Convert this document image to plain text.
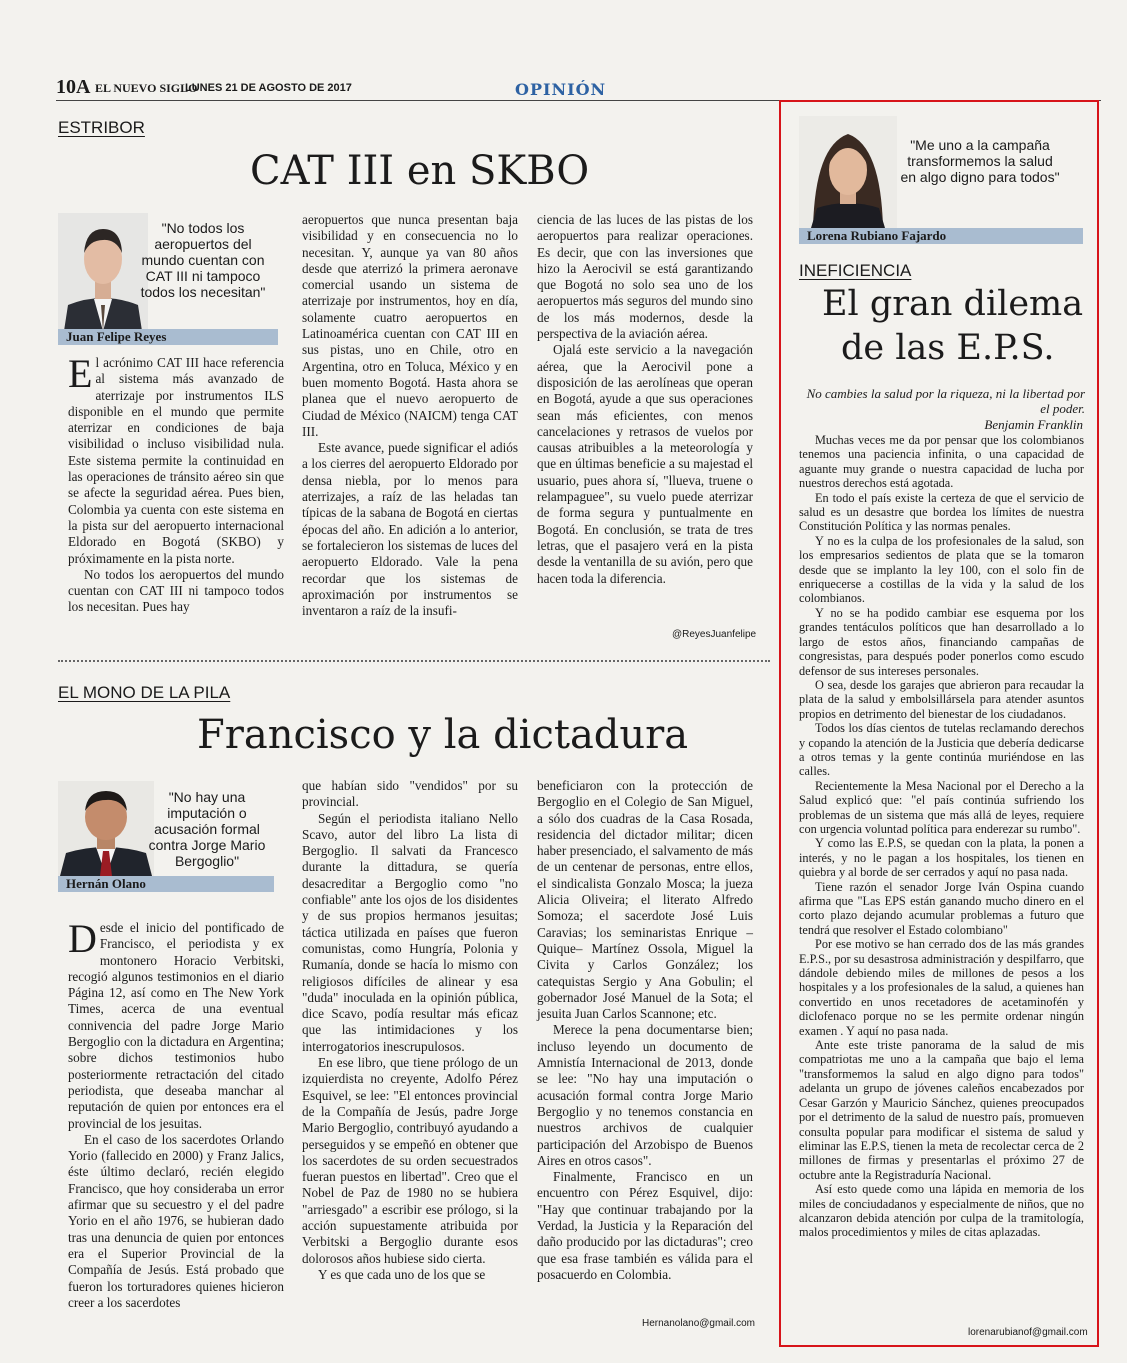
10A EL NUEVO SIGLO
LUNES 21 DE AGOSTO DE 2017	OPINIÓN
ESTRIBOR
CAT III en SKBO
"No todos los aeropuertos del mundo cuentan con CAT III ni tampoco todos los necesitan"
Juan Felipe Reyes

El acrónimo CAT III hace referencia al sistema más avanzado de aterrizaje por instrumentos ILS disponible en el mundo que permite aterrizar en condiciones de baja visibilidad o incluso visibilidad nula. Este sistema permite la continuidad en las operaciones de tránsito aéreo sin que se afecte la seguridad aérea. Pues bien, Colombia ya cuenta con este sistema en la pista sur del aeropuerto internacional Eldorado en Bogotá (SKBO) y próximamente en la pista norte.

No todos los aeropuertos del mundo cuentan con CAT III ni tampoco todos los necesitan. Pues hay

aeropuertos que nunca presentan baja visibilidad y en consecuencia no lo necesitan. Y, aunque ya van 80 años desde que aterrizó la primera aeronave comercial usando un sistema de aterrizaje por instrumentos, hoy en día, solamente cuatro aeropuertos en Latinoamérica cuentan con CAT III en sus pistas, uno en Chile, otro en Argentina, otro en Toluca, México y en buen momento Bogotá. Hasta ahora se planea que el nuevo aeropuerto de Ciudad de México (NAICM) tenga CAT III.

Este avance, puede significar el adiós a los cierres del aeropuerto Eldorado por densa niebla, por lo menos para aterrizajes, a raíz de las heladas tan típicas de la sabana de Bogotá en ciertas épocas del año. En adición a lo anterior, se fortalecieron los sistemas de luces del aeropuerto Eldorado. Vale la pena recordar que los sistemas de aproximación por instrumentos se inventaron a raíz de la insufi-

ciencia de las luces de las pistas de los aeropuertos para realizar operaciones. Es decir, que con las inversiones que hizo la Aerocivil se está garantizando que Bogotá no solo sea uno de los aeropuertos más seguros del mundo sino de los más modernos, desde la perspectiva de la aviación aérea.

Ojalá este servicio a la navegación aérea, que la Aerocivil pone a disposición de las aerolíneas que operan en Bogotá, ayude a que sus operaciones sean más eficientes, con menos cancelaciones y retrasos de vuelos por causas atribuibles a la meteorología y que en últimas beneficie a su majestad el usuario, pues ahora sí, "llueva, truene o relampaguee", su vuelo puede aterrizar de forma segura y puntualmente en Bogotá. En conclusión, se trata de tres letras, que el pasajero verá en la pista desde la ventanilla de su avión, pero que hacen toda la diferencia.

@ReyesJuanfelipe
EL MONO DE LA PILA
Francisco y la dictadura
"No hay una imputación o acusación formal contra Jorge Mario Bergoglio"
Hernán Olano

Desde el inicio del pontificado de Francisco, el periodista y ex montonero Horacio Verbitski, recogió algunos testimonios en el diario Página 12, así como en The New York Times, acerca de una eventual connivencia del padre Jorge Mario Bergoglio con la dictadura en Argentina; sobre dichos testimonios hubo posteriormente retractación del citado periodista, que deseaba manchar al reputación de quien por entonces era el provincial de los jesuitas.

En el caso de los sacerdotes Orlando Yorio (fallecido en 2000) y Franz Jalics, éste último declaró, recién elegido Francisco, que hoy consideraba un error afirmar que su secuestro y el del padre Yorio en el año 1976, se hubieran dado tras una denuncia de quien por entonces era el Superior Provincial de la Compañía de Jesús. Está probado que fueron los torturadores quienes hicieron creer a los sacerdotes

que habían sido "vendidos" por su provincial.

Según el periodista italiano Nello Scavo, autor del libro La lista di Bergoglio. Il salvati da Francesco durante la dittadura, se quería desacreditar a Bergoglio como "no confiable" ante los ojos de los disidentes y de sus propios hermanos jesuitas; táctica utilizada en países que fueron comunistas, como Hungría, Polonia y Rumanía, donde se hacía lo mismo con religiosos difíciles de alinear y esa "duda" inoculada en la opinión pública, dice Scavo, podía resultar más eficaz que las intimidaciones y los interrogatorios inescrupulosos.

En ese libro, que tiene prólogo de un izquierdista no creyente, Adolfo Pérez Esquivel, se lee: "El entonces provincial de la Compañía de Jesús, padre Jorge Mario Bergoglio, contribuyó ayudando a perseguidos y se empeñó en obtener que los sacerdotes de su orden secuestrados fueran puestos en libertad". Creo que el Nobel de Paz de 1980 no se hubiera "arriesgado" a escribir ese prólogo, si la acción supuestamente atribuida por Verbitski a Bergoglio durante esos dolorosos años hubiese sido cierta.

Y es que cada uno de los que se

beneficiaron con la protección de Bergoglio en el Colegio de San Miguel, a sólo dos cuadras de la Casa Rosada, residencia del dictador militar; dicen haber presenciado, el salvamento de más de un centenar de personas, entre ellos, el sindicalista Gonzalo Mosca; la jueza Alicia Oliveira; el literato Alfredo Somoza; el sacerdote José Luis Caravias; los seminaristas Enrique –Quique– Martínez Ossola, Miguel la Civita y Carlos González; los catequistas Sergio y Ana Gobulin; el gobernador José Manuel de la Sota; el jesuita Juan Carlos Scannone; etc.

Merece la pena documentarse bien; incluso leyendo un documento de Amnistía Internacional de 2013, donde se lee: "No hay una imputación o acusación formal contra Jorge Mario Bergoglio y no tenemos constancia en nuestros archivos de cualquier participación del Arzobispo de Buenos Aires en otros casos".

Finalmente, Francisco en un encuentro con Pérez Esquivel, dijo: "Hay que continuar trabajando por la Verdad, la Justicia y la Reparación del daño producido por las dictaduras"; creo que esa frase también es válida para el posacuerdo en Colombia.

Hernanolano@gmail.com
"Me uno a la campaña transformemos la salud en algo digno para todos"
Lorena Rubiano Fajardo
INEFICIENCIA
El gran dilema
de las E.P.S.
No cambies la salud por la riqueza, ni la libertad por el poder.
Benjamin Franklin

Muchas veces me da por pensar que los colombianos tenemos una paciencia infinita, o una capacidad de aguante muy grande o nuestra capacidad de lucha por nuestros derechos está agotada.

En todo el país existe la certeza de que el servicio de salud es un desastre que bordea los límites de nuestra Constitución Política y las normas penales.

Y no es la culpa de los profesionales de la salud, son los empresarios sedientos de plata que se la tomaron desde que se implanto la ley 100, con el solo fin de enriquecerse a costillas de la vida y la salud de los colombianos.

Y no se ha podido cambiar ese esquema por los grandes tentáculos políticos que han desarrollado a lo largo de estos años, financiando campañas de congresistas, para después poder ponerlos como escudo defensor de sus intereses personales.

O sea, desde los garajes que abrieron para recaudar la plata de la salud y embolsillársela para atender asuntos propios en detrimento del bienestar de los ciudadanos.

Todos los días cientos de tutelas reclamando derechos y copando la atención de la Justicia que debería dedicarse a otros temas y la gente continúa muriéndose en las calles.

Recientemente la Mesa Nacional por el Derecho a la Salud explicó que: "el país continúa sufriendo los problemas de un sistema que más allá de leyes, requiere con urgencia voluntad política para enderezar su rumbo".

Y como las E.P.S, se quedan con la plata, la ponen a interés, y no le pagan a los hospitales, los tienen en quiebra y al borde de ser cerrados y aquí no pasa nada.

Tiene razón el senador Jorge Iván Ospina cuando afirma que "Las EPS están ganando mucho dinero en el corto plazo dejando acumular problemas a futuro que tendrá que resolver el Estado colombiano"

Por ese motivo se han cerrado dos de las más grandes E.P.S., por su desastrosa administración y despilfarro, que dándole debiendo miles de millones de pesos a los hospitales y a los profesionales de la salud, a quienes han convertido en unos recetadores de acetaminofén y diclofenaco porque no se les permite ordenar ningún examen . Y aquí no pasa nada.

Ante este triste panorama de la salud de mis compatriotas me uno a la campaña que bajo el lema "transformemos la salud en algo digno para todos" adelanta un grupo de jóvenes caleños encabezados por Cesar Garzón y Mauricio Sánchez, quienes preocupados por el detrimento de la salud de nuestro país, promueven consulta popular para modificar el sistema de salud y eliminar las E.P.S, tienen la meta de recolectar cerca de 2 millones de firmas y presentarlas el próximo 27 de octubre ante la Registraduría Nacional.

Así esto quede como una lápida en memoria de los miles de conciudadanos y especialmente de niños, que no alcanzaron debida atención por culpa de la tramitología, malos procedimientos y miles de citas aplazadas.

lorenarubianof@gmail.com
